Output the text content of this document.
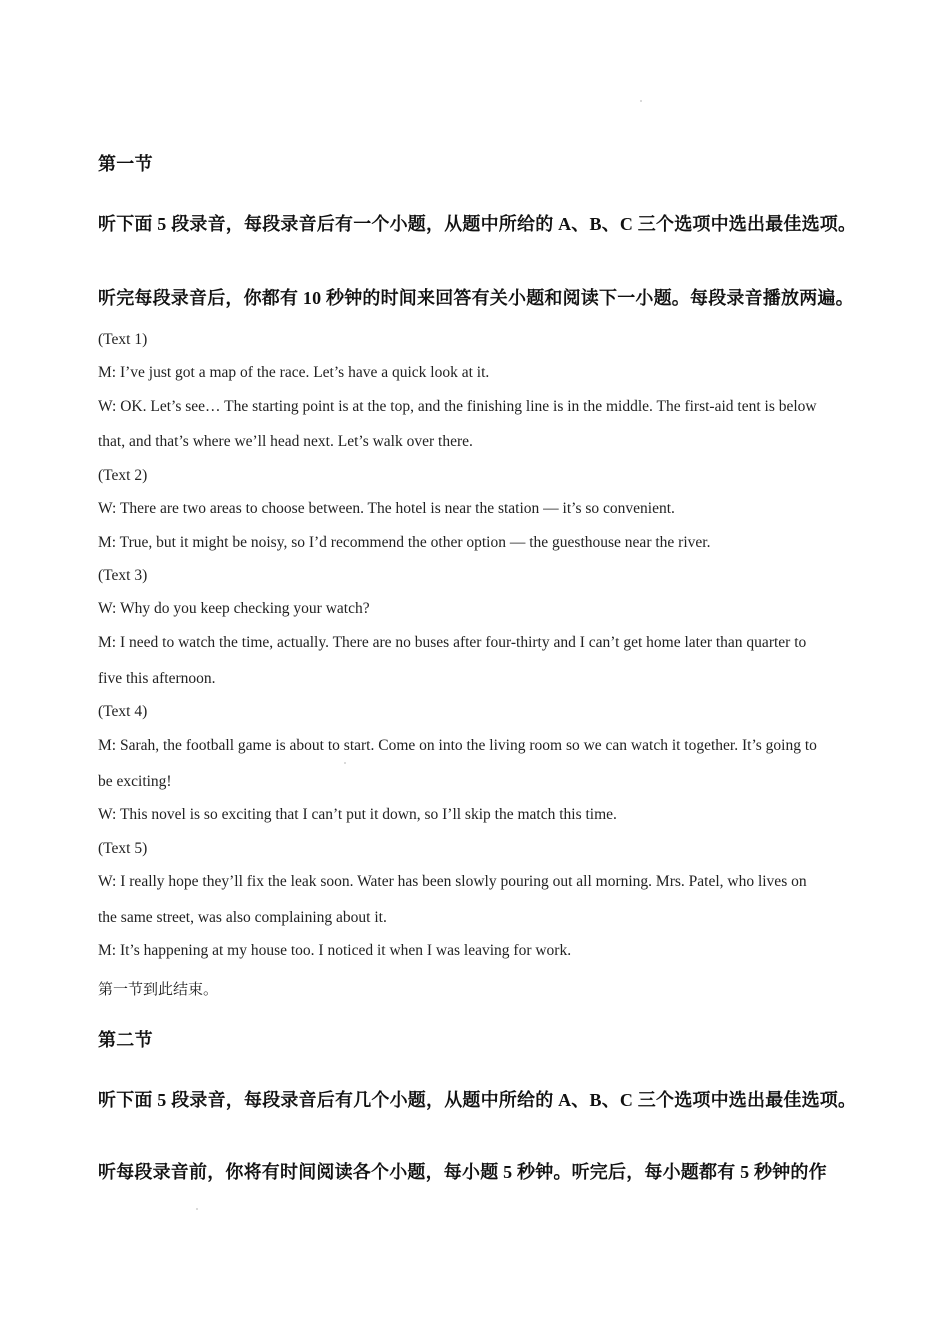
第一节
听下面 5 段录音，每段录音后有一个小题，从题中所给的 A、B、C 三个选项中选出最佳选项。
听完每段录音后，你都有 10 秒钟的时间来回答有关小题和阅读下一小题。每段录音播放两遍。
(Text 1)
M: I’ve just got a map of the race. Let’s have a quick look at it.
W: OK. Let’s see… The starting point is at the top, and the finishing line is in the middle. The first-aid tent is below
that, and that’s where we’ll head next. Let’s walk over there.
(Text 2)
W: There are two areas to choose between. The hotel is near the station — it’s so convenient.
M: True, but it might be noisy, so I’d recommend the other option — the guesthouse near the river.
(Text 3)
W: Why do you keep checking your watch?
M: I need to watch the time, actually. There are no buses after four-thirty and I can’t get home later than quarter to
five this afternoon.
(Text 4)
M: Sarah, the football game is about to start. Come on into the living room so we can watch it together. It’s going to
be exciting!
W: This novel is so exciting that I can’t put it down, so I’ll skip the match this time.
(Text 5)
W: I really hope they’ll fix the leak soon. Water has been slowly pouring out all morning. Mrs. Patel, who lives on
the same street, was also complaining about it.
M: It’s happening at my house too. I noticed it when I was leaving for work.
第一节到此结束。
第二节
听下面 5 段录音，每段录音后有几个小题，从题中所给的 A、B、C 三个选项中选出最佳选项。
听每段录音前，你将有时间阅读各个小题，每小题 5 秒钟。听完后，每小题都有 5 秒钟的作
